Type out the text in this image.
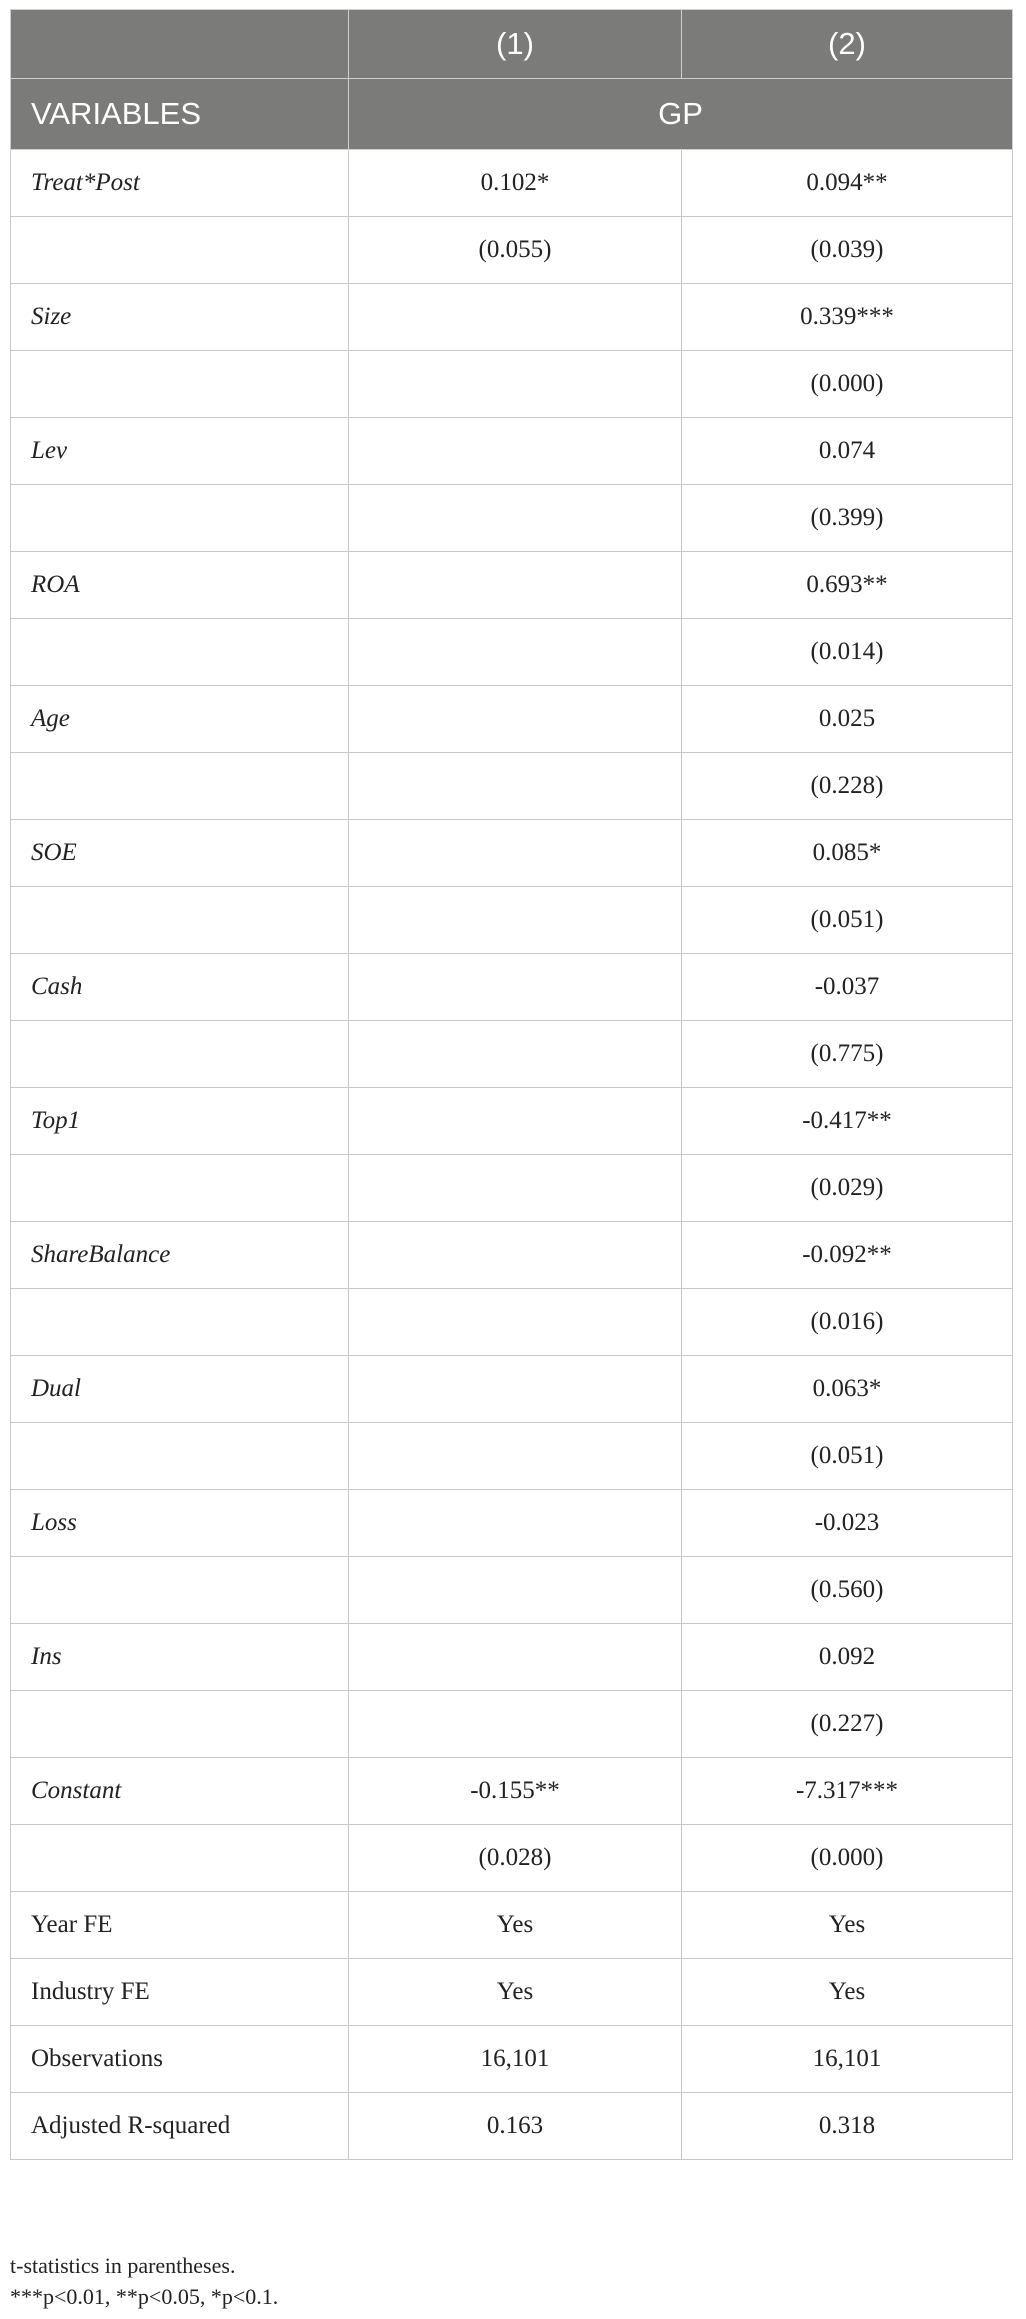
	(1)	(2)
VARIABLES	GP	
Treat*Post	0.102*	0.094**
	(0.055)	(0.039)
Size		0.339***
		(0.000)
Lev		0.074
		(0.399)
ROA		0.693**
		(0.014)
Age		0.025
		(0.228)
SOE		0.085*
		(0.051)
Cash		-0.037
		(0.775)
Top1		-0.417**
		(0.029)
ShareBalance		-0.092**
		(0.016)
Dual		0.063*
		(0.051)
Loss		-0.023
		(0.560)
Ins		0.092
		(0.227)
Constant	-0.155**	-7.317***
	(0.028)	(0.000)
Year FE	Yes	Yes
Industry FE	Yes	Yes
Observations	16,101	16,101
Adjusted R-squared	0.163	0.318
t-statistics in parentheses.
***p<0.01, **p<0.05, *p<0.1.
